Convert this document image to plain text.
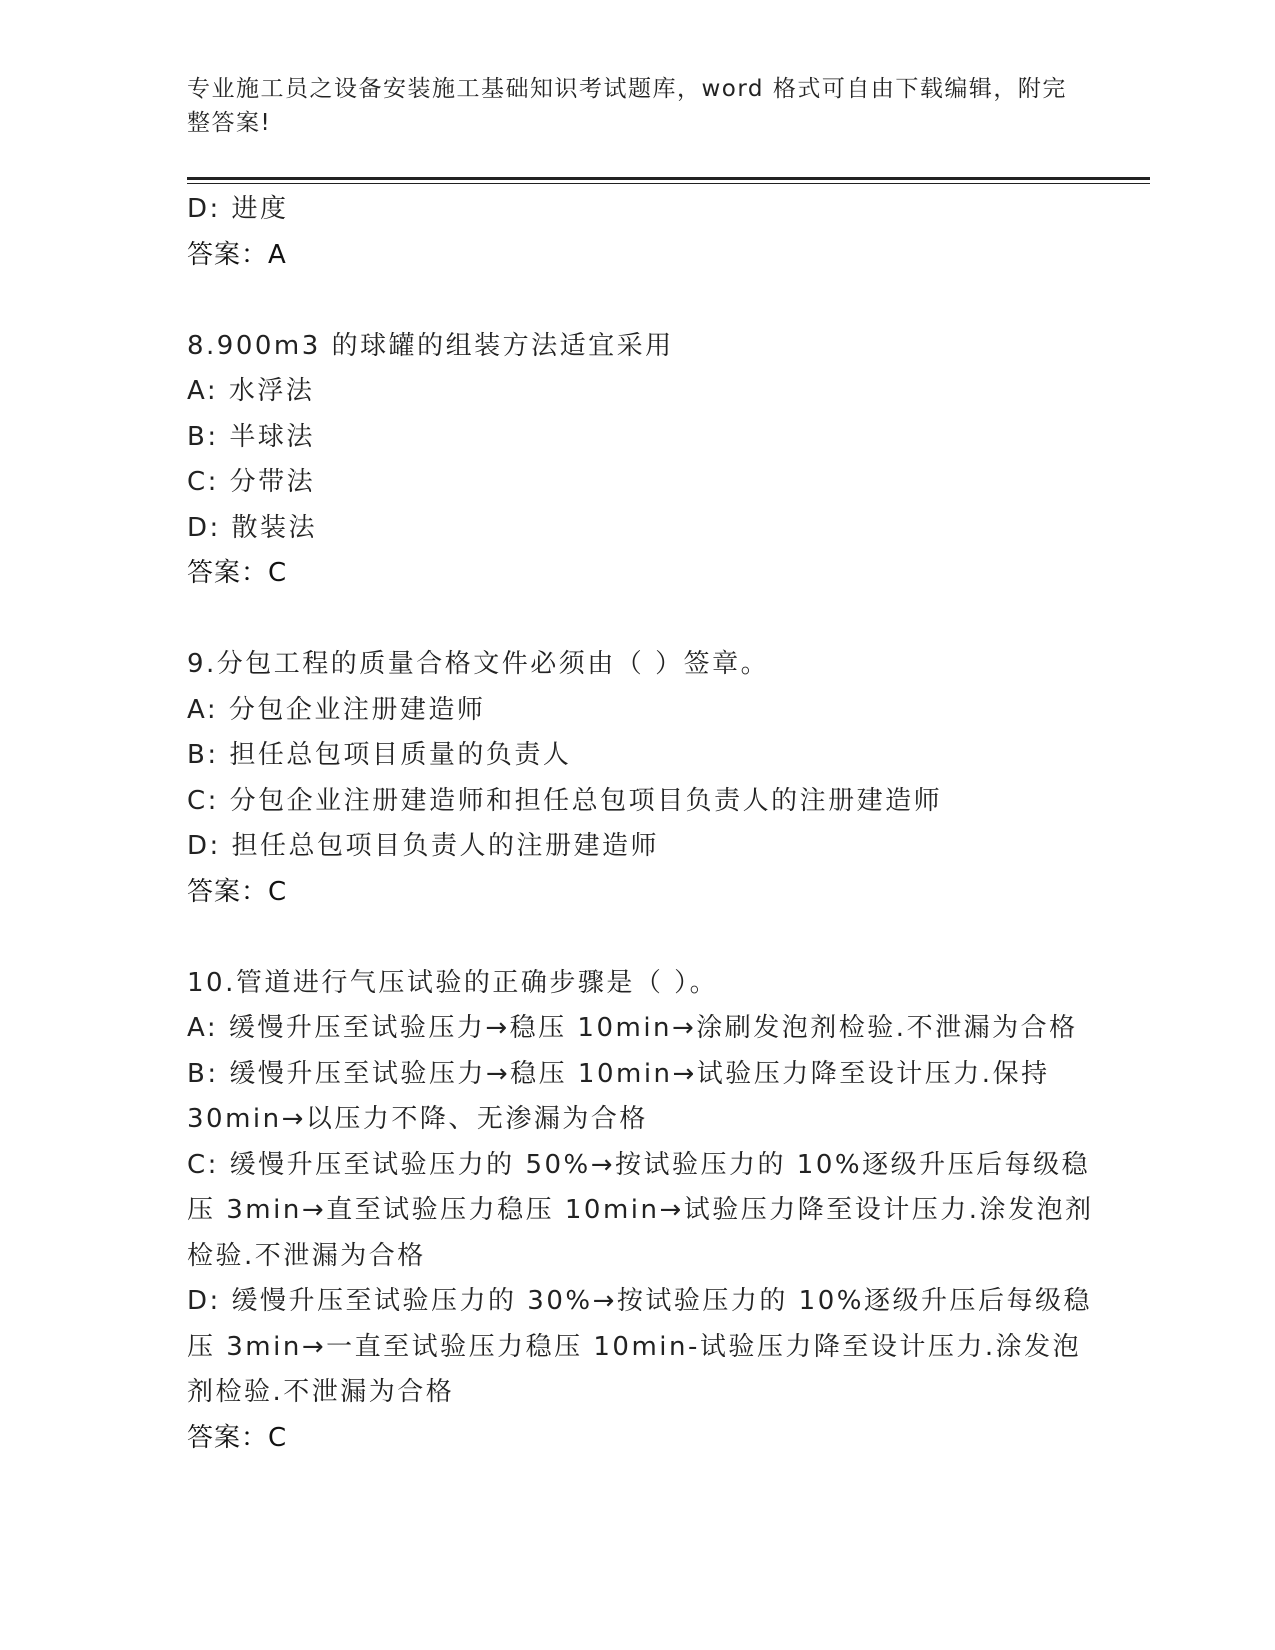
专业施工员之设备安装施工基础知识考试题库，word 格式可自由下载编辑，附完
整答案!
D: 进度
答案：A
8.900m3 的球罐的组装方法适宜采用
A: 水浮法
B: 半球法
C: 分带法
D: 散装法
答案：C
9.分包工程的质量合格文件必须由（ ）签章。
A: 分包企业注册建造师
B: 担任总包项目质量的负责人
C: 分包企业注册建造师和担任总包项目负责人的注册建造师
D: 担任总包项目负责人的注册建造师
答案：C
10.管道进行气压试验的正确步骤是（ ）。
A: 缓慢升压至试验压力→稳压 10min→涂刷发泡剂检验.不泄漏为合格
B: 缓慢升压至试验压力→稳压 10min→试验压力降至设计压力.保持
30min→以压力不降、无渗漏为合格
C: 缓慢升压至试验压力的 50%→按试验压力的 10%逐级升压后每级稳
压 3min→直至试验压力稳压 10min→试验压力降至设计压力.涂发泡剂
检验.不泄漏为合格
D: 缓慢升压至试验压力的 30%→按试验压力的 10%逐级升压后每级稳
压 3min→一直至试验压力稳压 10min-试验压力降至设计压力.涂发泡
剂检验.不泄漏为合格
答案：C
